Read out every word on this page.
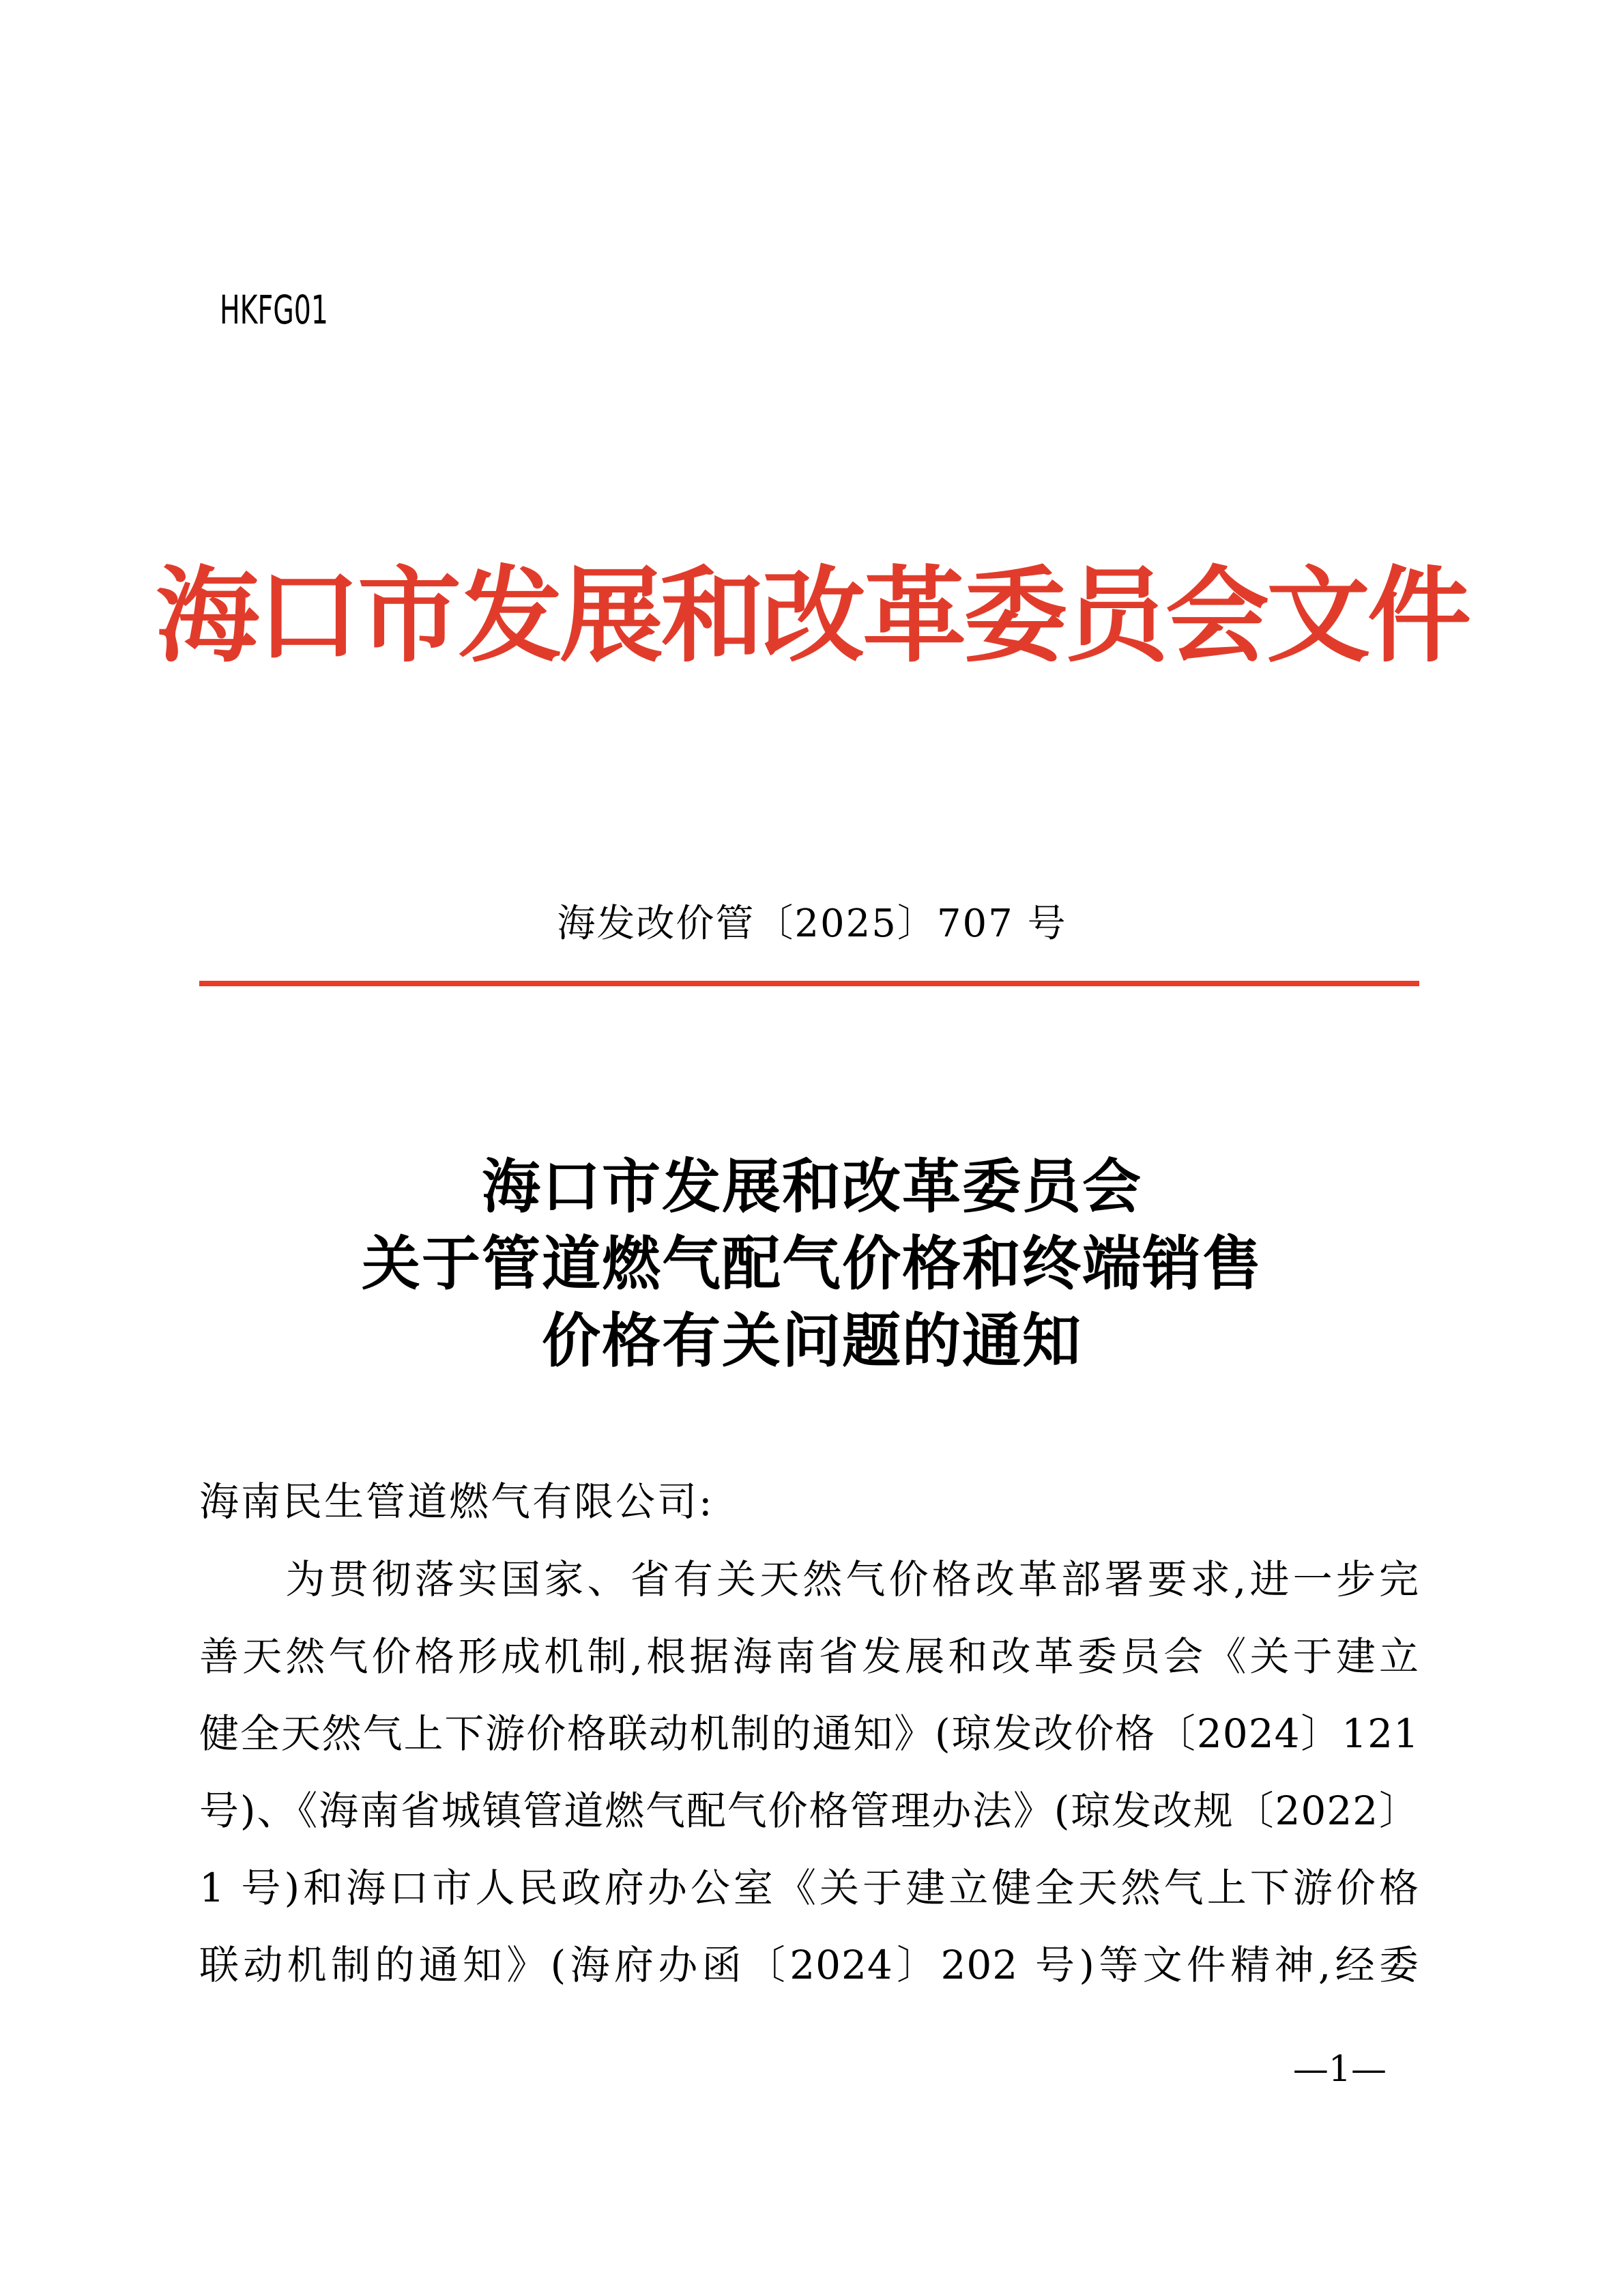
HKFG01
海口市发展和改革委员会文件
海发改价管〔2025〕707 号
海口市发展和改革委员会
关于管道燃气配气价格和终端销售
价格有关问题的通知
海南民生管道燃气有限公司:
　　为贯彻落实国家、省有关天然气价格改革部署要求,进一步完
善天然气价格形成机制,根据海南省发展和改革委员会《关于建立
健全天然气上下游价格联动机制的通知》(琼发改价格〔2024〕121
号)、《海南省城镇管道燃气配气价格管理办法》(琼发改规〔2022〕
1 号)和海口市人民政府办公室《关于建立健全天然气上下游价格
联动机制的通知》(海府办函〔2024〕202 号)等文件精神,经委
—1—
